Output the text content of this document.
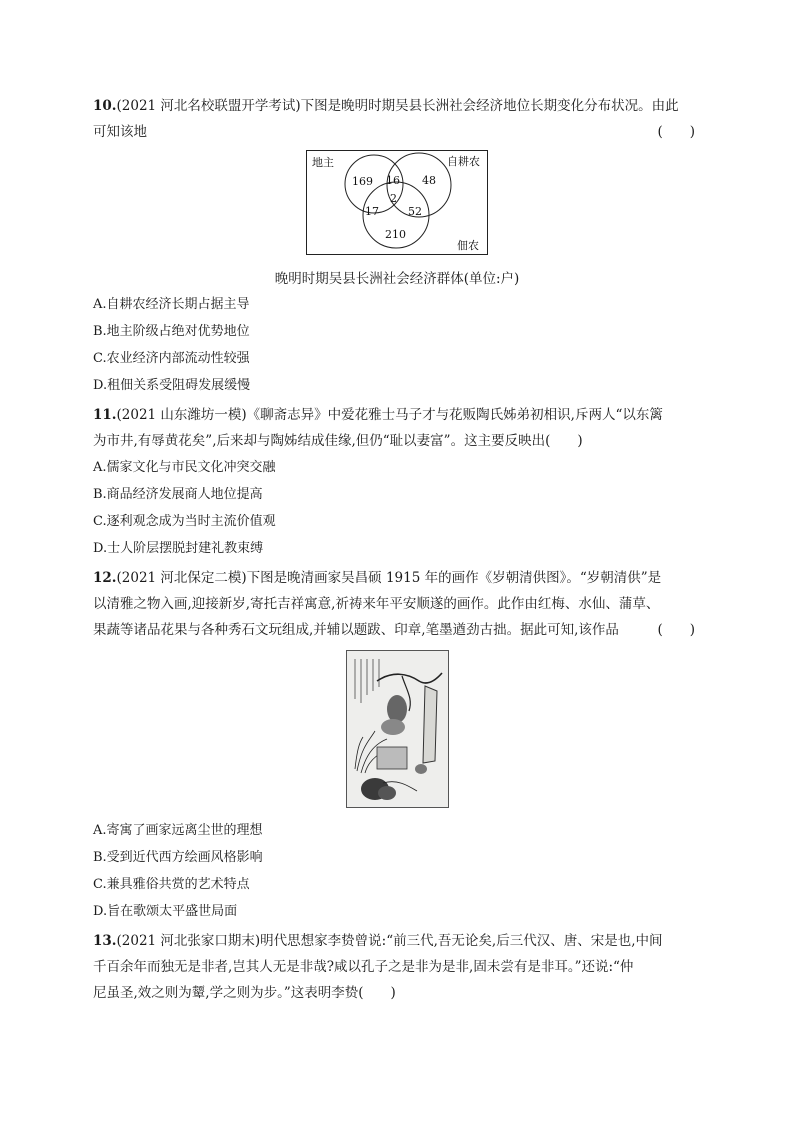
10.(2021 河北名校联盟开学考试)下图是晚明时期吴县长洲社会经济地位长期变化分布状况。由此
可知该地	(　　)
地主	自耕农
佃农
169 16 48
2
17	52
210
晚明时期吴县长洲社会经济群体(单位:户)
A.自耕农经济长期占据主导
B.地主阶级占绝对优势地位
C.农业经济内部流动性较强
D.租佃关系受阻碍发展缓慢
11.(2021 山东潍坊一模)《聊斋志异》中爱花雅士马子才与花贩陶氏姊弟初相识,斥两人“以东篱
为市井,有辱黄花矣”,后来却与陶姊结成佳缘,但仍“耻以妻富”。这主要反映出(　　)
A.儒家文化与市民文化冲突交融
B.商品经济发展商人地位提高
C.逐利观念成为当时主流价值观
D.士人阶层摆脱封建礼教束缚
12.(2021 河北保定二模)下图是晚清画家吴昌硕 1915 年的画作《岁朝清供图》。“岁朝清供”是
以清雅之物入画,迎接新岁,寄托吉祥寓意,祈祷来年平安顺遂的画作。此作由红梅、水仙、蒲草、
果蔬等诸品花果与各种秀石文玩组成,并辅以题跋、印章,笔墨遒劲古拙。据此可知,该作品	(　　)
A.寄寓了画家远离尘世的理想
B.受到近代西方绘画风格影响
C.兼具雅俗共赏的艺术特点
D.旨在歌颂太平盛世局面
13.(2021 河北张家口期末)明代思想家李贽曾说:“前三代,吾无论矣,后三代汉、唐、宋是也,中间
千百余年而独无是非者,岂其人无是非哉?咸以孔子之是非为是非,固未尝有是非耳。”还说:“仲
尼虽圣,效之则为颦,学之则为步。”这表明李贽(　　)
